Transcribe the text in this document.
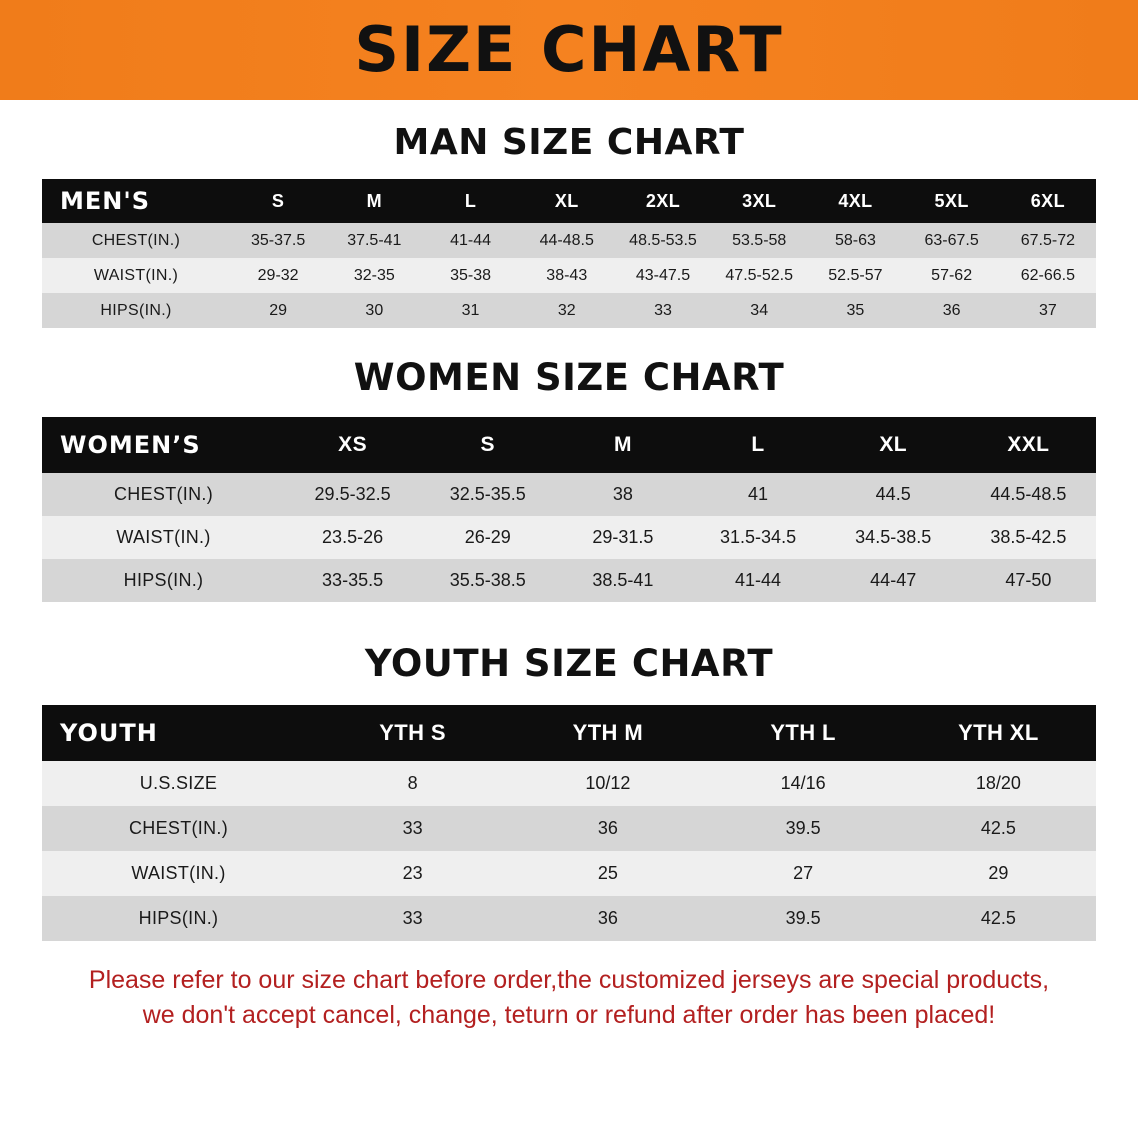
SIZE CHART
MAN SIZE CHART
MEN'S	S	M	L	XL	2XL	3XL	4XL	5XL	6XL
CHEST(IN.)	35-37.5	37.5-41	41-44	44-48.5	48.5-53.5	53.5-58	58-63	63-67.5	67.5-72
WAIST(IN.)	29-32	32-35	35-38	38-43	43-47.5	47.5-52.5	52.5-57	57-62	62-66.5
HIPS(IN.)	29	30	31	32	33	34	35	36	37
WOMEN SIZE CHART
WOMEN’S	XS	S	M	L	XL	XXL
CHEST(IN.)	29.5-32.5	32.5-35.5	38	41	44.5	44.5-48.5
WAIST(IN.)	23.5-26	26-29	29-31.5	31.5-34.5	34.5-38.5	38.5-42.5
HIPS(IN.)	33-35.5	35.5-38.5	38.5-41	41-44	44-47	47-50
YOUTH SIZE CHART
YOUTH	YTH S	YTH M	YTH L	YTH XL
U.S.SIZE	8	10/12	14/16	18/20
CHEST(IN.)	33	36	39.5	42.5
WAIST(IN.)	23	25	27	29
HIPS(IN.)	33	36	39.5	42.5
Please refer to our size chart before order,the customized jerseys are special products,
we don't accept cancel, change, teturn or refund after order has been placed!
